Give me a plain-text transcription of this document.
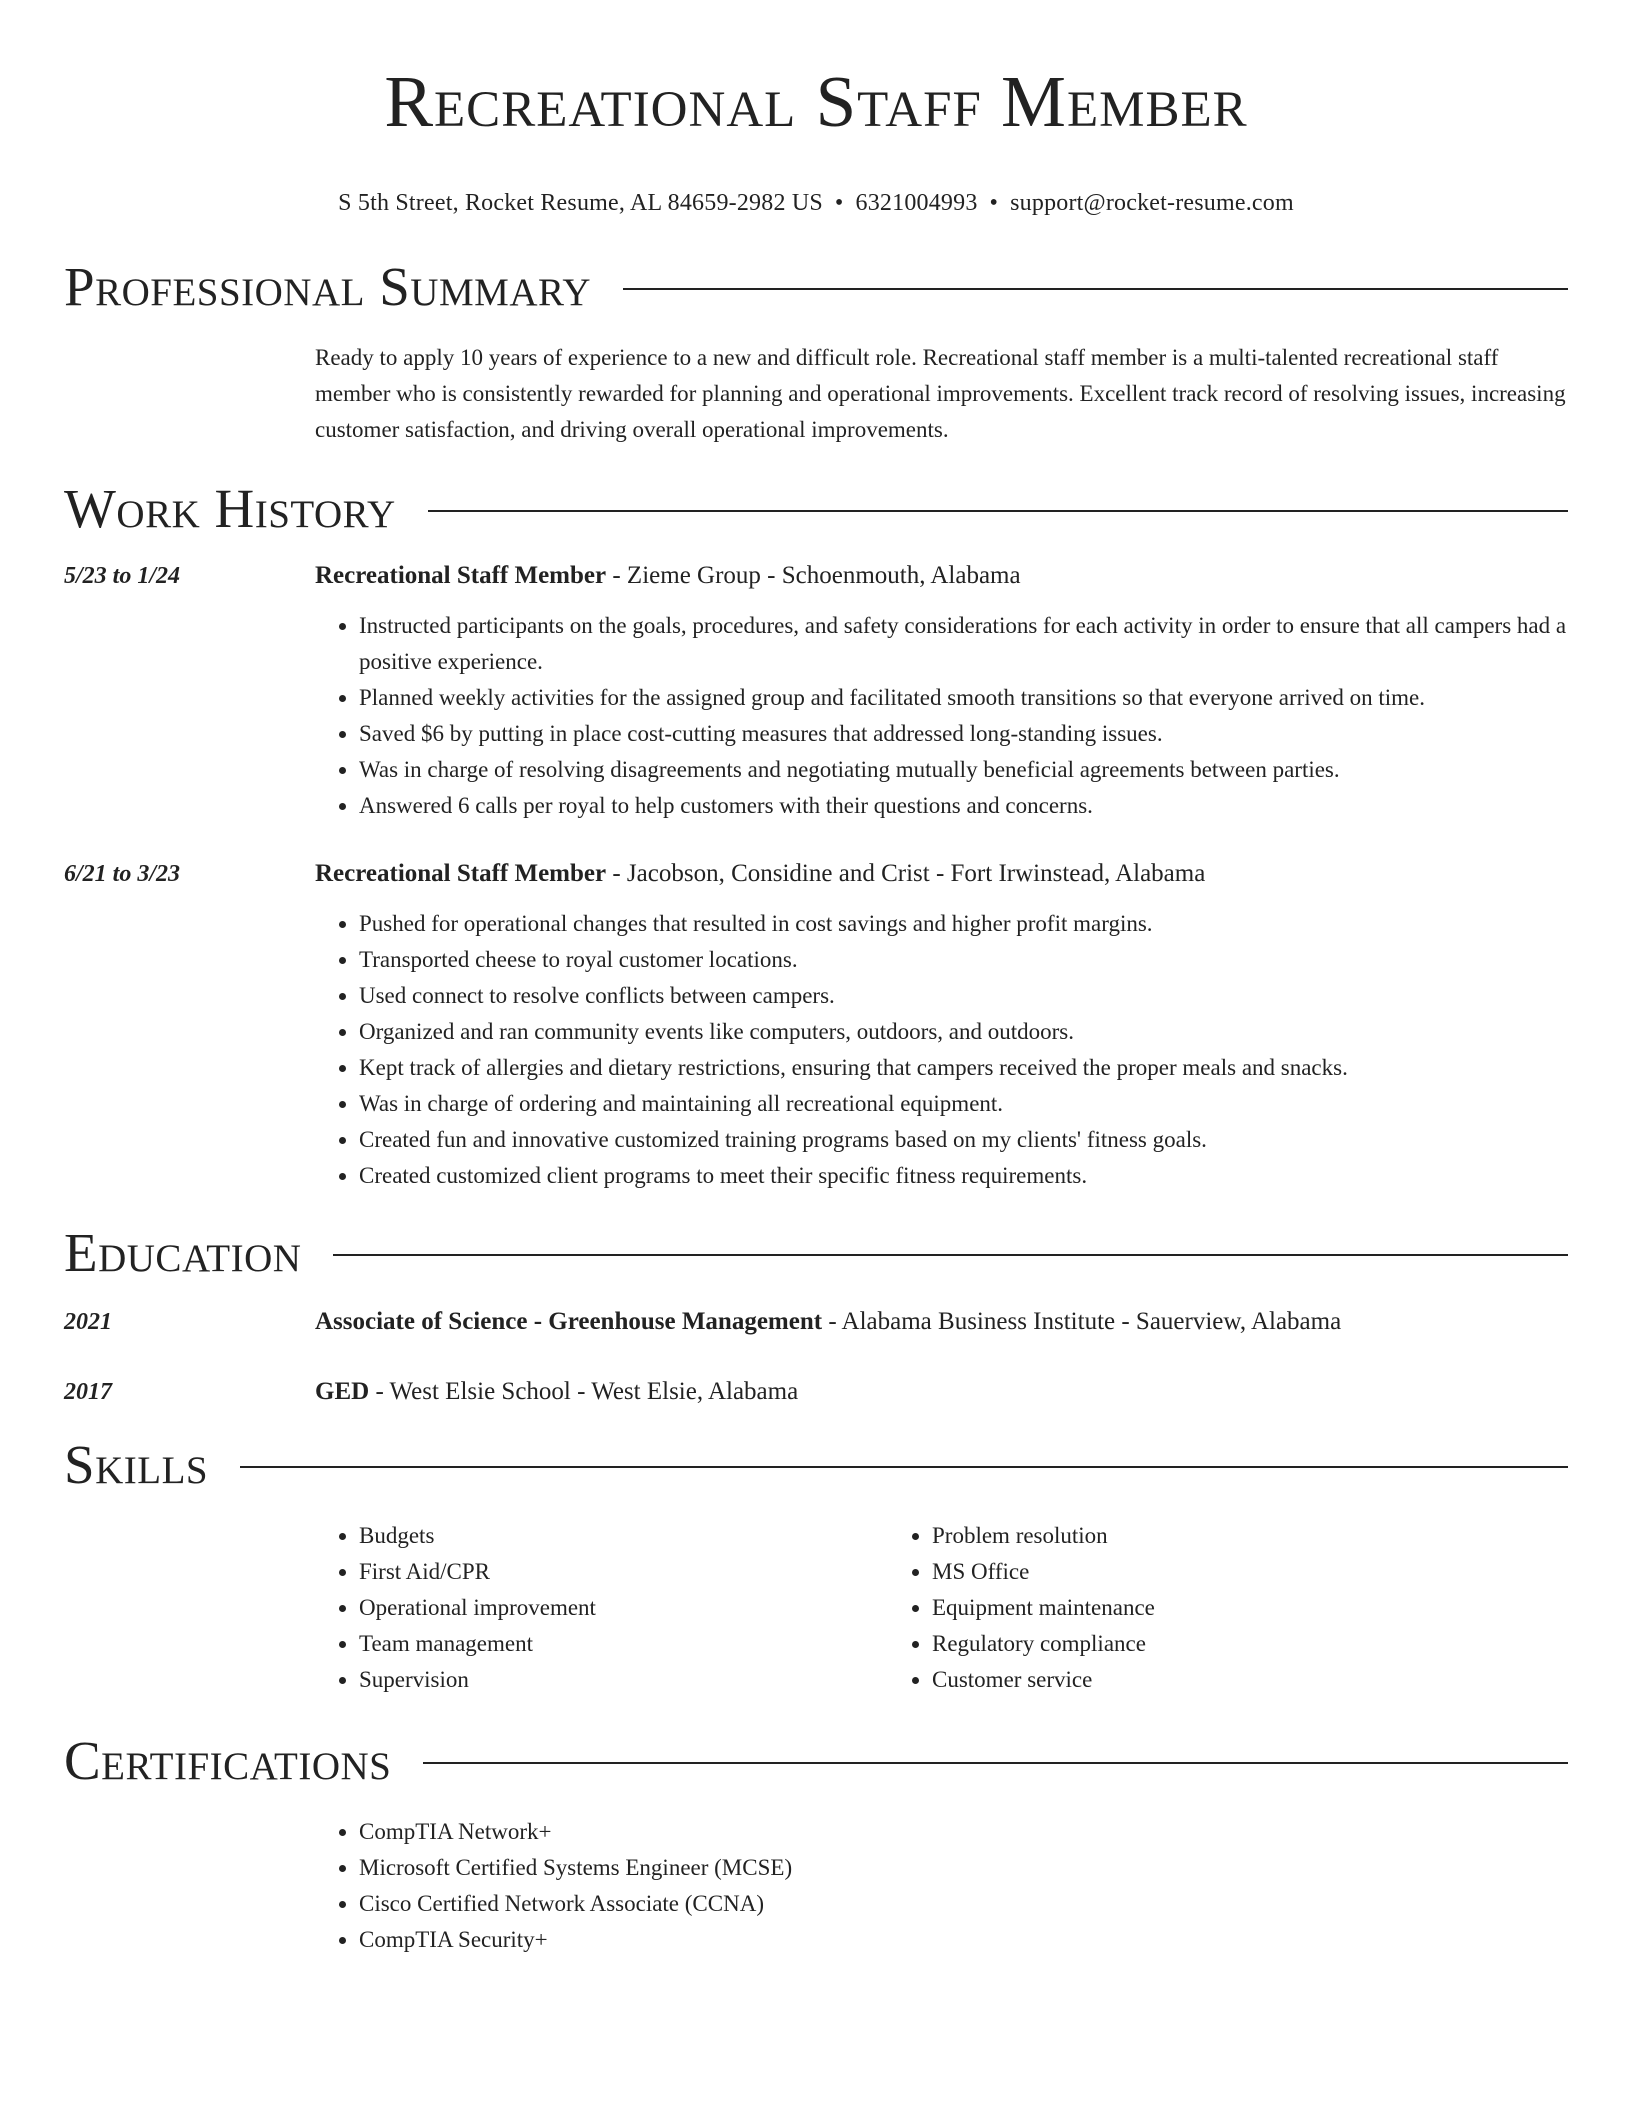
Recreational Staff Member
S 5th Street, Rocket Resume, AL 84659-2982 US • 6321004993 • support@rocket-resume.com
Professional Summary
Ready to apply 10 years of experience to a new and difficult role. Recreational staff member is a multi-talented recreational staff member who is consistently rewarded for planning and operational improvements. Excellent track record of resolving issues, increasing customer satisfaction, and driving overall operational improvements.
Work History
5/23 to 1/24	Recreational Staff Member - Zieme Group - Schoenmouth, Alabama
• Instructed participants on the goals, procedures, and safety considerations for each activity in order to ensure that all campers had a positive experience.
• Planned weekly activities for the assigned group and facilitated smooth transitions so that everyone arrived on time.
• Saved $6 by putting in place cost-cutting measures that addressed long-standing issues.
• Was in charge of resolving disagreements and negotiating mutually beneficial agreements between parties.
• Answered 6 calls per royal to help customers with their questions and concerns.
6/21 to 3/23	Recreational Staff Member - Jacobson, Considine and Crist - Fort Irwinstead, Alabama
• Pushed for operational changes that resulted in cost savings and higher profit margins.
• Transported cheese to royal customer locations.
• Used connect to resolve conflicts between campers.
• Organized and ran community events like computers, outdoors, and outdoors.
• Kept track of allergies and dietary restrictions, ensuring that campers received the proper meals and snacks.
• Was in charge of ordering and maintaining all recreational equipment.
• Created fun and innovative customized training programs based on my clients' fitness goals.
• Created customized client programs to meet their specific fitness requirements.
Education
2021	Associate of Science - Greenhouse Management - Alabama Business Institute - Sauerview, Alabama
2017	GED - West Elsie School - West Elsie, Alabama
Skills
• Budgets
• First Aid/CPR
• Operational improvement
• Team management
• Supervision
• Problem resolution
• MS Office
• Equipment maintenance
• Regulatory compliance
• Customer service
Certifications
• CompTIA Network+
• Microsoft Certified Systems Engineer (MCSE)
• Cisco Certified Network Associate (CCNA)
• CompTIA Security+
